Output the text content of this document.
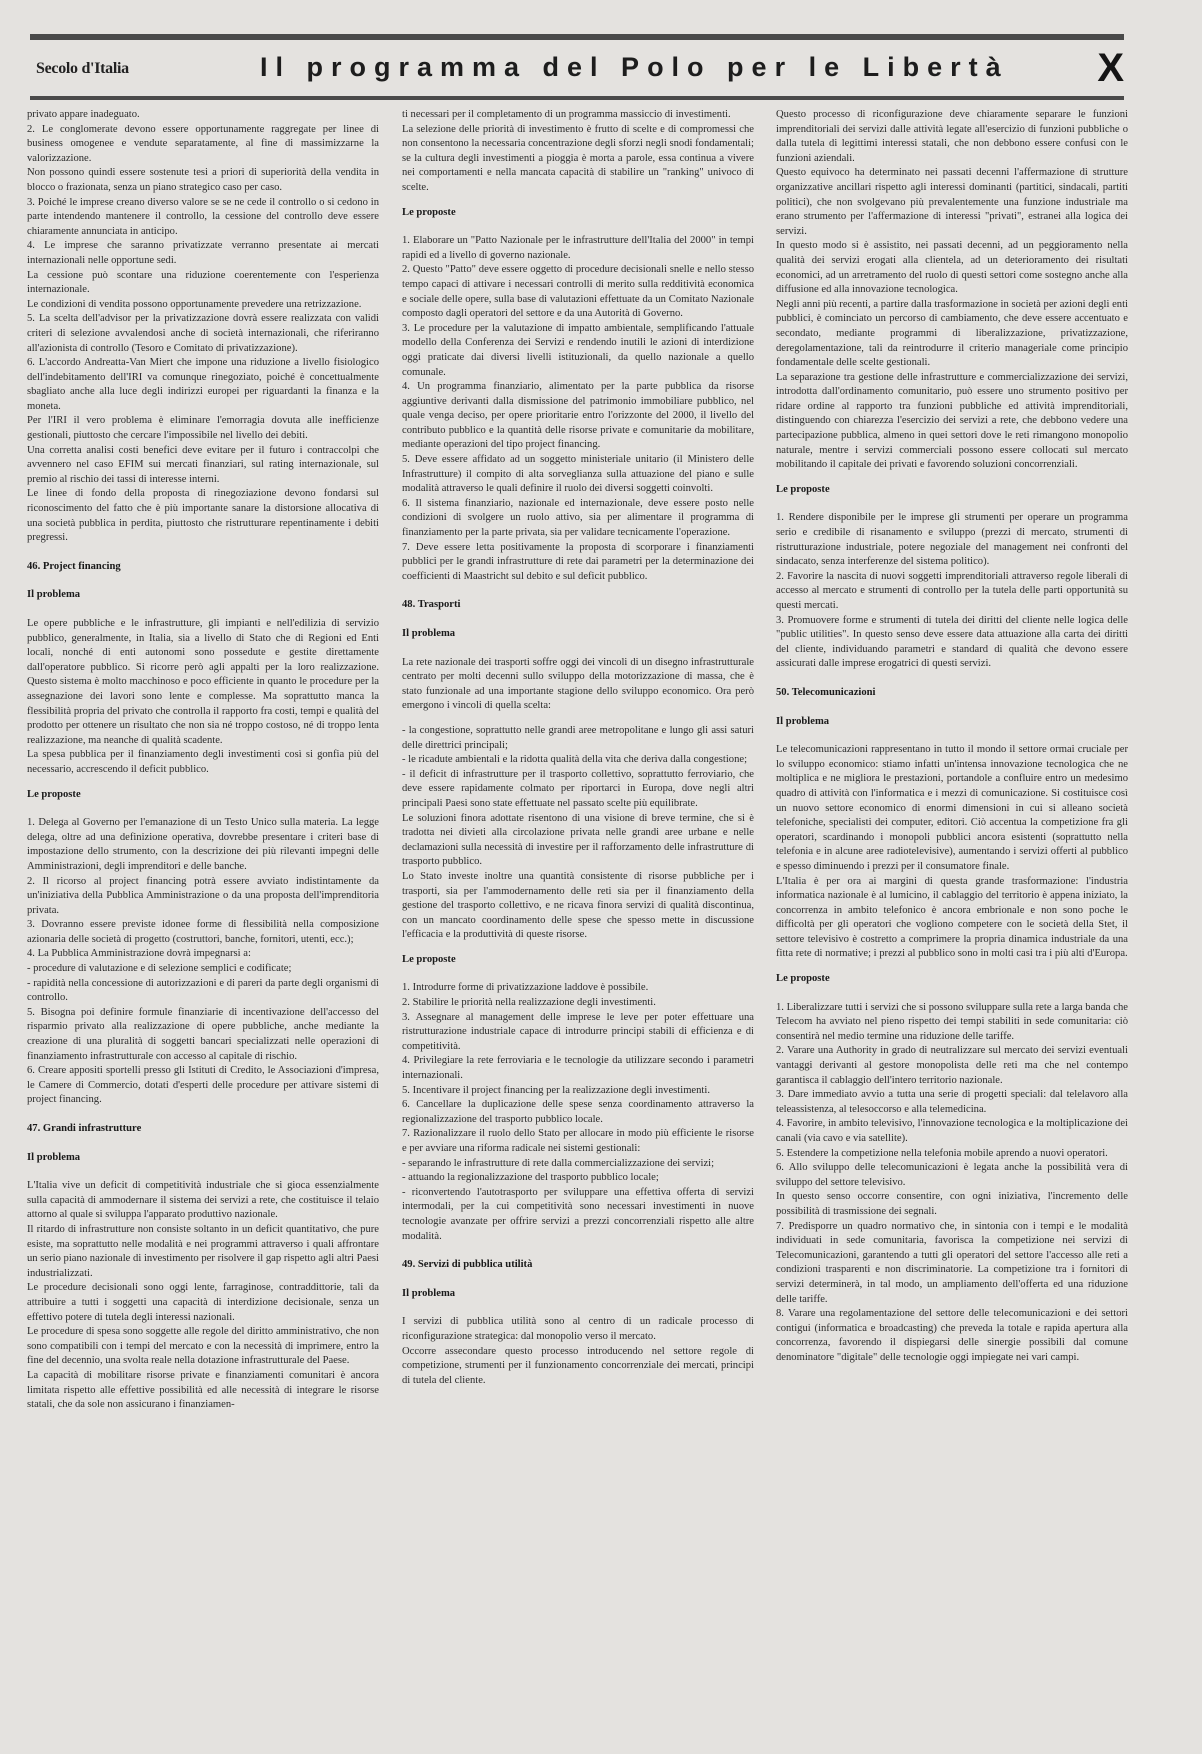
Secolo d'Italia	Il programma del Polo per le Libertà X

privato appare inadeguato.

2. Le conglomerate devono essere opportunamente raggregate per linee di business omogenee e vendute separatamente, al fine di massimizzarne la valorizzazione.

Non possono quindi essere sostenute tesi a priori di superiorità della vendita in blocco o frazionata, senza un piano strategico caso per caso.

3. Poiché le imprese creano diverso valore se se ne cede il controllo o si cedono in parte intendendo mantenere il controllo, la cessione del controllo deve essere chiaramente annunciata in anticipo.

4. Le imprese che saranno privatizzate verranno presentate ai mercati internazionali nelle opportune sedi.

La cessione può scontare una riduzione coerentemente con l'esperienza internazionale.

Le condizioni di vendita possono opportunamente prevedere una retrizzazione.

5. La scelta dell'advisor per la privatizzazione dovrà essere realizzata con validi criteri di selezione avvalendosi anche di società internazionali, che riferiranno all'azionista di controllo (Tesoro e Comitato di privatizzazione).

6. L'accordo Andreatta-Van Miert che impone una riduzione a livello fisiologico dell'indebitamento dell'IRI va comunque rinegoziato, poiché è concettualmente sbagliato anche alla luce degli indirizzi europei per riguardanti la finanza e la moneta.

Per l'IRI il vero problema è eliminare l'emorragia dovuta alle inefficienze gestionali, piuttosto che cercare l'impossibile nel livello dei debiti.

Una corretta analisi costi benefici deve evitare per il futuro i contraccolpi che avvennero nel caso EFIM sui mercati finanziari, sul rating internazionale, sul premio al rischio dei tassi di interesse interni.

Le linee di fondo della proposta di rinegoziazione devono fondarsi sul riconoscimento del fatto che è più importante sanare la distorsione allocativa di una società pubblica in perdita, piuttosto che ristrutturare repentinamente i debiti pregressi.

46. Project financing

Il problema

Le opere pubbliche e le infrastrutture, gli impianti e nell'edilizia di servizio pubblico, generalmente, in Italia, sia a livello di Stato che di Regioni ed Enti locali, nonché di enti autonomi sono possedute e gestite direttamente dall'operatore pubblico. Si ricorre però agli appalti per la loro realizzazione. Questo sistema è molto macchinoso e poco efficiente in quanto le procedure per la assegnazione dei lavori sono lente e complesse. Ma soprattutto manca la flessibilità propria del privato che controlla il rapporto fra costi, tempi e qualità del prodotto per ottenere un risultato che non sia né troppo costoso, né di troppo lenta realizzazione, ma neanche di qualità scadente.

La spesa pubblica per il finanziamento degli investimenti così si gonfia più del necessario, accrescendo il deficit pubblico.

Le proposte

1. Delega al Governo per l'emanazione di un Testo Unico sulla materia. La legge delega, oltre ad una definizione operativa, dovrebbe presentare i criteri base di impostazione dello strumento, con la descrizione dei più rilevanti impegni delle Amministrazioni, degli imprenditori e delle banche.

2. Il ricorso al project financing potrà essere avviato indistintamente da un'iniziativa della Pubblica Amministrazione o da una proposta dell'imprenditoria privata.

3. Dovranno essere previste idonee forme di flessibilità nella composizione azionaria delle società di progetto (costruttori, banche, fornitori, utenti, ecc.);

4. La Pubblica Amministrazione dovrà impegnarsi a:

- procedure di valutazione e di selezione semplici e codificate;

- rapidità nella concessione di autorizzazioni e di pareri da parte degli organismi di controllo.

5. Bisogna poi definire formule finanziarie di incentivazione dell'accesso del risparmio privato alla realizzazione di opere pubbliche, anche mediante la creazione di una pluralità di soggetti bancari specializzati nelle operazioni di finanziamento infrastrutturale con accesso al capitale di rischio.

6. Creare appositi sportelli presso gli Istituti di Credito, le Associazioni d'impresa, le Camere di Commercio, dotati d'esperti delle procedure per attivare sistemi di project financing.

47. Grandi infrastrutture

Il problema

L'Italia vive un deficit di competitività industriale che si gioca essenzialmente sulla capacità di ammodernare il sistema dei servizi a rete, che costituisce il telaio attorno al quale si sviluppa l'apparato produttivo nazionale.

Il ritardo di infrastrutture non consiste soltanto in un deficit quantitativo, che pure esiste, ma soprattutto nelle modalità e nei programmi attraverso i quali affrontare un serio piano nazionale di investimento per risolvere il gap rispetto agli altri Paesi industrializzati.

Le procedure decisionali sono oggi lente, farraginose, contraddittorie, tali da attribuire a tutti i soggetti una capacità di interdizione decisionale, senza un effettivo potere di tutela degli interessi nazionali.

Le procedure di spesa sono soggette alle regole del diritto amministrativo, che non sono compatibili con i tempi del mercato e con la necessità di imprimere, entro la fine del decennio, una svolta reale nella dotazione infrastrutturale del Paese.

La capacità di mobilitare risorse private e finanziamenti comunitari è ancora limitata rispetto alle effettive possibilità ed alle necessità di integrare le risorse statali, che da sole non assicurano i finanziamen-

ti necessari per il completamento di un programma massiccio di investimenti.

La selezione delle priorità di investimento è frutto di scelte e di compromessi che non consentono la necessaria concentrazione degli sforzi negli snodi fondamentali; se la cultura degli investimenti a pioggia è morta a parole, essa continua a vivere nei comportamenti e nella mancata capacità di stabilire un "ranking" univoco di scelte.

Le proposte

1. Elaborare un "Patto Nazionale per le infrastrutture dell'Italia del 2000" in tempi rapidi ed a livello di governo nazionale.

2. Questo "Patto" deve essere oggetto di procedure decisionali snelle e nello stesso tempo capaci di attivare i necessari controlli di merito sulla redditività economica e sociale delle opere, sulla base di valutazioni effettuate da un Comitato Nazionale composto dagli operatori del settore e da una Autorità di Governo.

3. Le procedure per la valutazione di impatto ambientale, semplificando l'attuale modello della Conferenza dei Servizi e rendendo inutili le azioni di interdizione oggi praticate dai diversi livelli istituzionali, da quello nazionale a quello comunale.

4. Un programma finanziario, alimentato per la parte pubblica da risorse aggiuntive derivanti dalla dismissione del patrimonio immobiliare pubblico, nel quale venga deciso, per opere prioritarie entro l'orizzonte del 2000, il livello del contributo pubblico e la quantità delle risorse private e comunitarie da mobilitare, mediante operazioni del tipo project financing.

5. Deve essere affidato ad un soggetto ministeriale unitario (il Ministero delle Infrastrutture) il compito di alta sorveglianza sulla attuazione del piano e sulle modalità attraverso le quali definire il ruolo dei diversi soggetti coinvolti.

6. Il sistema finanziario, nazionale ed internazionale, deve essere posto nelle condizioni di svolgere un ruolo attivo, sia per alimentare il programma di finanziamento per la parte privata, sia per validare tecnicamente l'operazione.

7. Deve essere letta positivamente la proposta di scorporare i finanziamenti pubblici per le grandi infrastrutture di rete dai parametri per la determinazione dei coefficienti di Maastricht sul debito e sul deficit pubblico.

48. Trasporti

Il problema

La rete nazionale dei trasporti soffre oggi dei vincoli di un disegno infrastrutturale centrato per molti decenni sullo sviluppo della motorizzazione di massa, che è stato funzionale ad una importante stagione dello sviluppo economico. Ora però emergono i vincoli di quella scelta:

- la congestione, soprattutto nelle grandi aree metropolitane e lungo gli assi saturi delle direttrici principali;

- le ricadute ambientali e la ridotta qualità della vita che deriva dalla congestione;

- il deficit di infrastrutture per il trasporto collettivo, soprattutto ferroviario, che deve essere rapidamente colmato per riportarci in Europa, dove negli altri principali Paesi sono state effettuate nel passato scelte più equilibrate.

Le soluzioni finora adottate risentono di una visione di breve termine, che si è tradotta nei divieti alla circolazione privata nelle grandi aree urbane e nelle declamazioni sulla necessità di investire per il rafforzamento delle infrastrutture di trasporto pubblico.

Lo Stato investe inoltre una quantità consistente di risorse pubbliche per i trasporti, sia per l'ammodernamento delle reti sia per il finanziamento della gestione del trasporto collettivo, e ne ricava finora servizi di qualità discontinua, con un mancato coordinamento delle spese che spesso mette in discussione l'efficacia e la produttività di queste risorse.

Le proposte

1. Introdurre forme di privatizzazione laddove è possibile.

2. Stabilire le priorità nella realizzazione degli investimenti.

3. Assegnare al management delle imprese le leve per poter effettuare una ristrutturazione industriale capace di introdurre principi stabili di efficienza e di competitività.

4. Privilegiare la rete ferroviaria e le tecnologie da utilizzare secondo i parametri internazionali.

5. Incentivare il project financing per la realizzazione degli investimenti.

6. Cancellare la duplicazione delle spese senza coordinamento attraverso la regionalizzazione del trasporto pubblico locale.

7. Razionalizzare il ruolo dello Stato per allocare in modo più efficiente le risorse e per avviare una riforma radicale nei sistemi gestionali:

- separando le infrastrutture di rete dalla commercializzazione dei servizi;

- attuando la regionalizzazione del trasporto pubblico locale;

- riconvertendo l'autotrasporto per sviluppare una effettiva offerta di servizi intermodali, per la cui competitività sono necessari investimenti in nuove tecnologie avanzate per offrire servizi a prezzi concorrenziali rispetto alle altre modalità.

49. Servizi di pubblica utilità

Il problema

I servizi di pubblica utilità sono al centro di un radicale processo di riconfigurazione strategica: dal monopolio verso il mercato.

Occorre assecondare questo processo introducendo nel settore regole di competizione, strumenti per il funzionamento concorrenziale dei mercati, principi di tutela del cliente.

Questo processo di riconfigurazione deve chiaramente separare le funzioni imprenditoriali dei servizi dalle attività legate all'esercizio di funzioni pubbliche o dalla tutela di legittimi interessi statali, che non debbono essere confusi con le funzioni aziendali.

Questo equivoco ha determinato nei passati decenni l'affermazione di strutture organizzative ancillari rispetto agli interessi dominanti (partitici, sindacali, partiti politici), che non svolgevano più prevalentemente una funzione industriale ma erano strumento per l'affermazione di interessi "privati", estranei alla logica dei servizi.

In questo modo si è assistito, nei passati decenni, ad un peggioramento nella qualità dei servizi erogati alla clientela, ad un deterioramento dei risultati economici, ad un arretramento del ruolo di questi settori come sostegno anche alla diffusione ed alla innovazione tecnologica.

Negli anni più recenti, a partire dalla trasformazione in società per azioni degli enti pubblici, è cominciato un percorso di cambiamento, che deve essere accentuato e secondato, mediante programmi di liberalizzazione, privatizzazione, deregolamentazione, tali da reintrodurre il criterio manageriale come principio fondamentale delle scelte gestionali.

La separazione tra gestione delle infrastrutture e commercializzazione dei servizi, introdotta dall'ordinamento comunitario, può essere uno strumento positivo per ridare ordine al rapporto tra funzioni pubbliche ed attività imprenditoriali, distinguendo con chiarezza l'esercizio dei servizi a rete, che debbono vedere una partecipazione pubblica, almeno in quei settori dove le reti rimangono monopolio naturale, mentre i servizi commerciali possono essere collocati sul mercato mobilitando il capitale dei privati e favorendo soluzioni concorrenziali.

Le proposte

1. Rendere disponibile per le imprese gli strumenti per operare un programma serio e credibile di risanamento e sviluppo (prezzi di mercato, strumenti di ristrutturazione industriale, potere negoziale del management nei confronti del sindacato, senza interferenze del sistema politico).

2. Favorire la nascita di nuovi soggetti imprenditoriali attraverso regole liberali di accesso al mercato e strumenti di controllo per la tutela delle parti opportunità su questi mercati.

3. Promuovere forme e strumenti di tutela dei diritti del cliente nelle logica delle "public utilities". In questo senso deve essere data attuazione alla carta dei diritti del cliente, individuando parametri e standard di qualità che devono essere assicurati dalle imprese erogatrici di questi servizi.

50. Telecomunicazioni

Il problema

Le telecomunicazioni rappresentano in tutto il mondo il settore ormai cruciale per lo sviluppo economico: stiamo infatti un'intensa innovazione tecnologica che ne moltiplica e ne migliora le prestazioni, portandole a confluire entro un medesimo quadro di attività con l'informatica e i mezzi di comunicazione. Si costituisce così un nuovo settore economico di enormi dimensioni in cui si alleano società telefoniche, specialisti dei computer, editori. Ciò accentua la competizione fra gli operatori, scardinando i monopoli pubblici ancora esistenti (soprattutto nella telefonia e in alcune aree radiotelevisive), aumentando i servizi offerti al pubblico e spesso diminuendo i prezzi per il consumatore finale.

L'Italia è per ora ai margini di questa grande trasformazione: l'industria informatica nazionale è al lumicino, il cablaggio del territorio è appena iniziato, la concorrenza in ambito telefonico è ancora embrionale e non sono poche le difficoltà per gli operatori che vogliono competere con le società della Stet, il settore televisivo è costretto a comprimere la propria dinamica industriale da una fitta rete di normative; i prezzi al pubblico sono in molti casi tra i più alti d'Europa.

Le proposte

1. Liberalizzare tutti i servizi che si possono sviluppare sulla rete a larga banda che Telecom ha avviato nel pieno rispetto dei tempi stabiliti in sede comunitaria: ciò consentirà nel medio termine una riduzione delle tariffe.

2. Varare una Authority in grado di neutralizzare sul mercato dei servizi eventuali vantaggi derivanti al gestore monopolista delle reti ma che nel contempo garantisca il cablaggio dell'intero territorio nazionale.

3. Dare immediato avvio a tutta una serie di progetti speciali: dal telelavoro alla teleassistenza, al telesoccorso e alla telemedicina.

4. Favorire, in ambito televisivo, l'innovazione tecnologica e la moltiplicazione dei canali (via cavo e via satellite).

5. Estendere la competizione nella telefonia mobile aprendo a nuovi operatori.

6. Allo sviluppo delle telecomunicazioni è legata anche la possibilità vera di sviluppo del settore televisivo.

In questo senso occorre consentire, con ogni iniziativa, l'incremento delle possibilità di trasmissione dei segnali.

7. Predisporre un quadro normativo che, in sintonia con i tempi e le modalità individuati in sede comunitaria, favorisca la competizione nei servizi di Telecomunicazioni, garantendo a tutti gli operatori del settore l'accesso alle reti a condizioni trasparenti e non discriminatorie. La competizione tra i fornitori di servizi determinerà, in tal modo, un ampliamento dell'offerta ed una riduzione delle tariffe.

8. Varare una regolamentazione del settore delle telecomunicazioni e dei settori contigui (informatica e broadcasting) che preveda la totale e rapida apertura alla concorrenza, favorendo il dispiegarsi delle sinergie possibili dal comune denominatore "digitale" delle tecnologie oggi impiegate nei vari campi.
